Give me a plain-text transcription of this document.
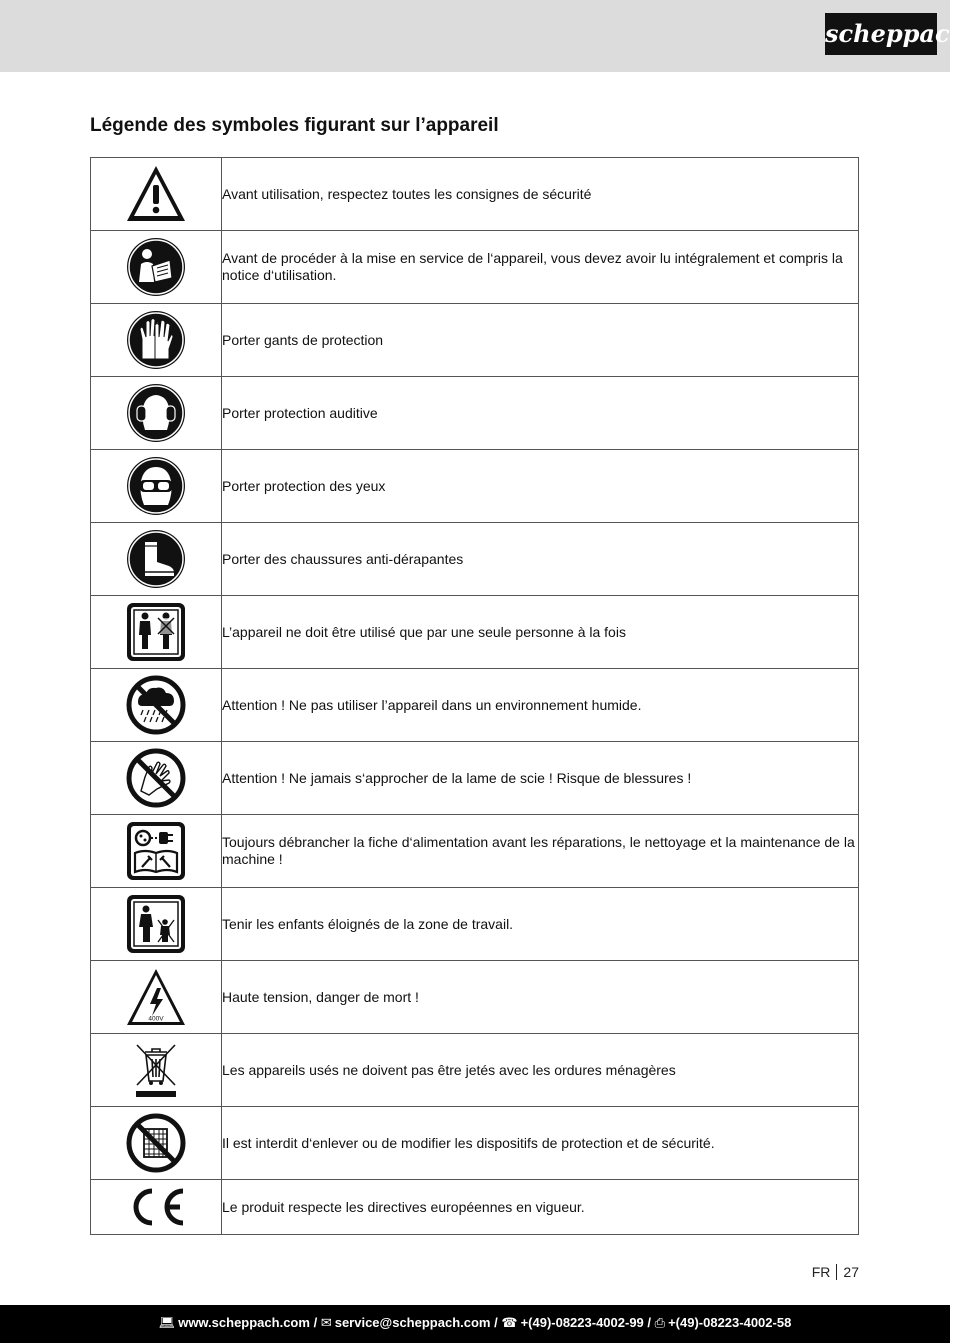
scheppach
Légende des symboles figurant sur l’appareil
	Avant utilisation, respectez toutes les consignes de sécurité

	Avant de procéder à la mise en service de l‘appareil, vous devez avoir lu intégralement et compris la notice d‘utilisation.

	Porter gants de protection

	Porter protection auditive

	Porter protection des yeux

	Porter des chaussures anti-dérapantes

	L’appareil ne doit être utilisé que par une seule personne à la fois

	Attention ! Ne pas utiliser l’appareil dans un environnement humide.

	Attention ! Ne jamais s‘approcher de la lame de scie ! Risque de blessures !

	Toujours débrancher la fiche d‘alimentation avant les réparations, le nettoyage et la maintenance de la machine !

	Tenir les enfants éloignés de la zone de travail.

400V	Haute tension, danger de mort !

	Les appareils usés ne doivent pas être jetés avec les ordures ménagères

	Il est interdit d‘enlever ou de modifier les dispositifs de protection et de sécurité.

	Le produit respecte les directives européennes en vigueur.
FR 27
💻︎ www.scheppach.com / ✉ service@scheppach.com / ☎ +(49)-08223-4002-99 / ⎙ +(49)-08223-4002-58
